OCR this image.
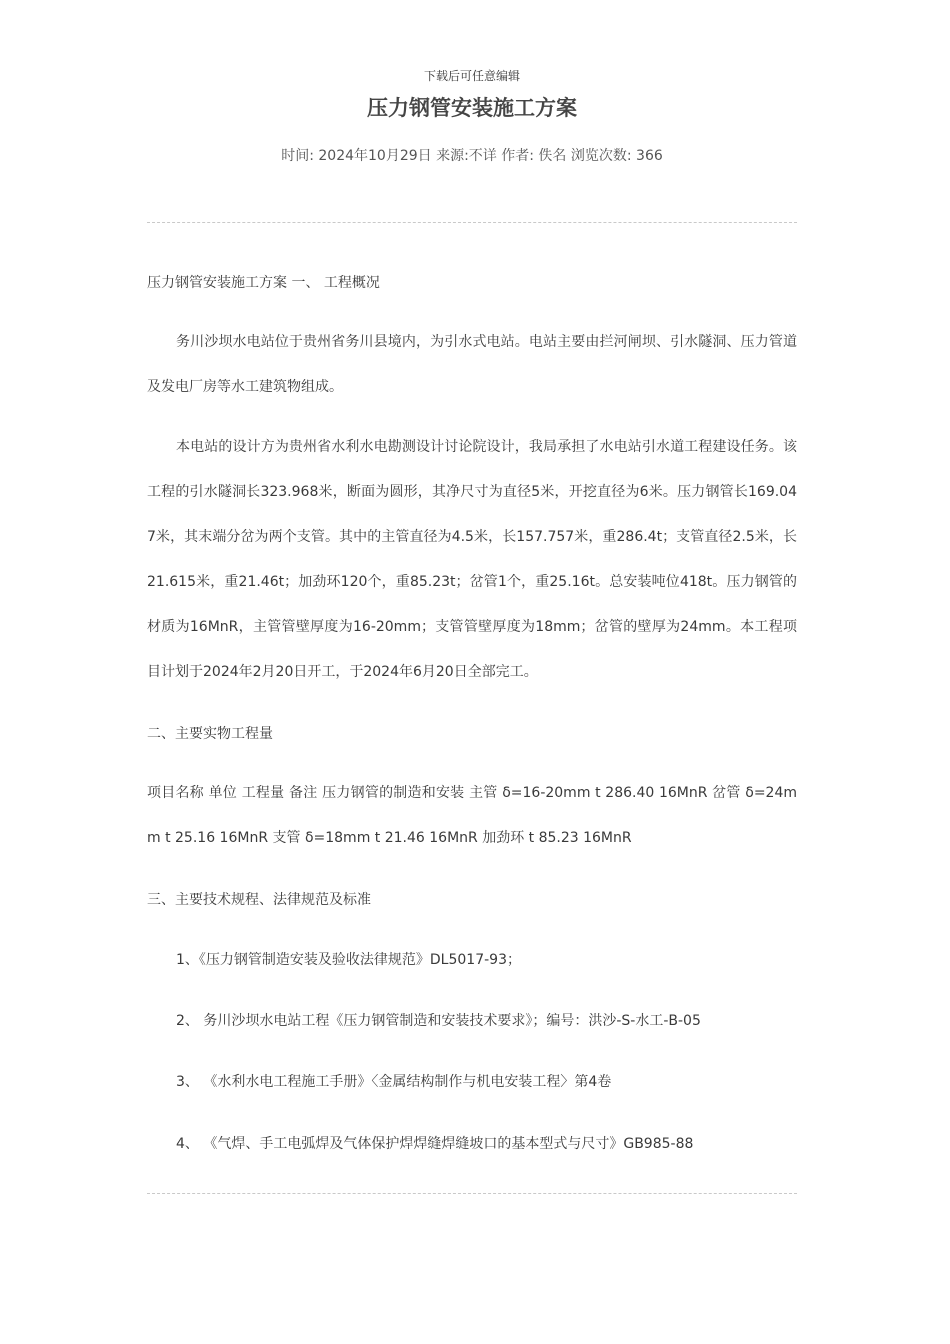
下载后可任意编辑
压力钢管安装施工方案
时间: 2024年10月29日 来源:不详 作者: 佚名 浏览次数: 366
压力钢管安装施工方案 一、 工程概况

务川沙坝水电站位于贵州省务川县境内，为引水式电站。电站主要由拦河闸坝、引水隧洞、压力管道及发电厂房等水工建筑物组成。

本电站的设计方为贵州省水利水电勘测设计讨论院设计，我局承担了水电站引水道工程建设任务。该工程的引水隧洞长323.968米，断面为圆形，其净尺寸为直径5米，开挖直径为6米。压力钢管长169.047米，其末端分岔为两个支管。其中的主管直径为4.5米，长157.757米，重286.4t；支管直径2.5米，长21.615米，重21.46t；加劲环120个，重85.23t；岔管1个，重25.16t。总安装吨位418t。压力钢管的材质为16MnR，主管管壁厚度为16-20mm；支管管壁厚度为18mm；岔管的壁厚为24mm。本工程项目计划于2024年2月20日开工，于2024年6月20日全部完工。

二、主要实物工程量

项目名称 单位 工程量 备注 压力钢管的制造和安装 主管 δ=16-20mm t 286.40 16MnR 岔管 δ=24mm t 25.16 16MnR 支管 δ=18mm t 21.46 16MnR 加劲环 t 85.23 16MnR

三、主要技术规程、法律规范及标准
1、《压力钢管制造安装及验收法律规范》DL5017-93；
2、 务川沙坝水电站工程《压力钢管制造和安装技术要求》；编号：洪沙-S-水工-B-05
3、 《水利水电工程施工手册》〈金属结构制作与机电安装工程〉第4卷
4、 《气焊、手工电弧焊及气体保护焊焊缝焊缝坡口的基本型式与尺寸》GB985-88
